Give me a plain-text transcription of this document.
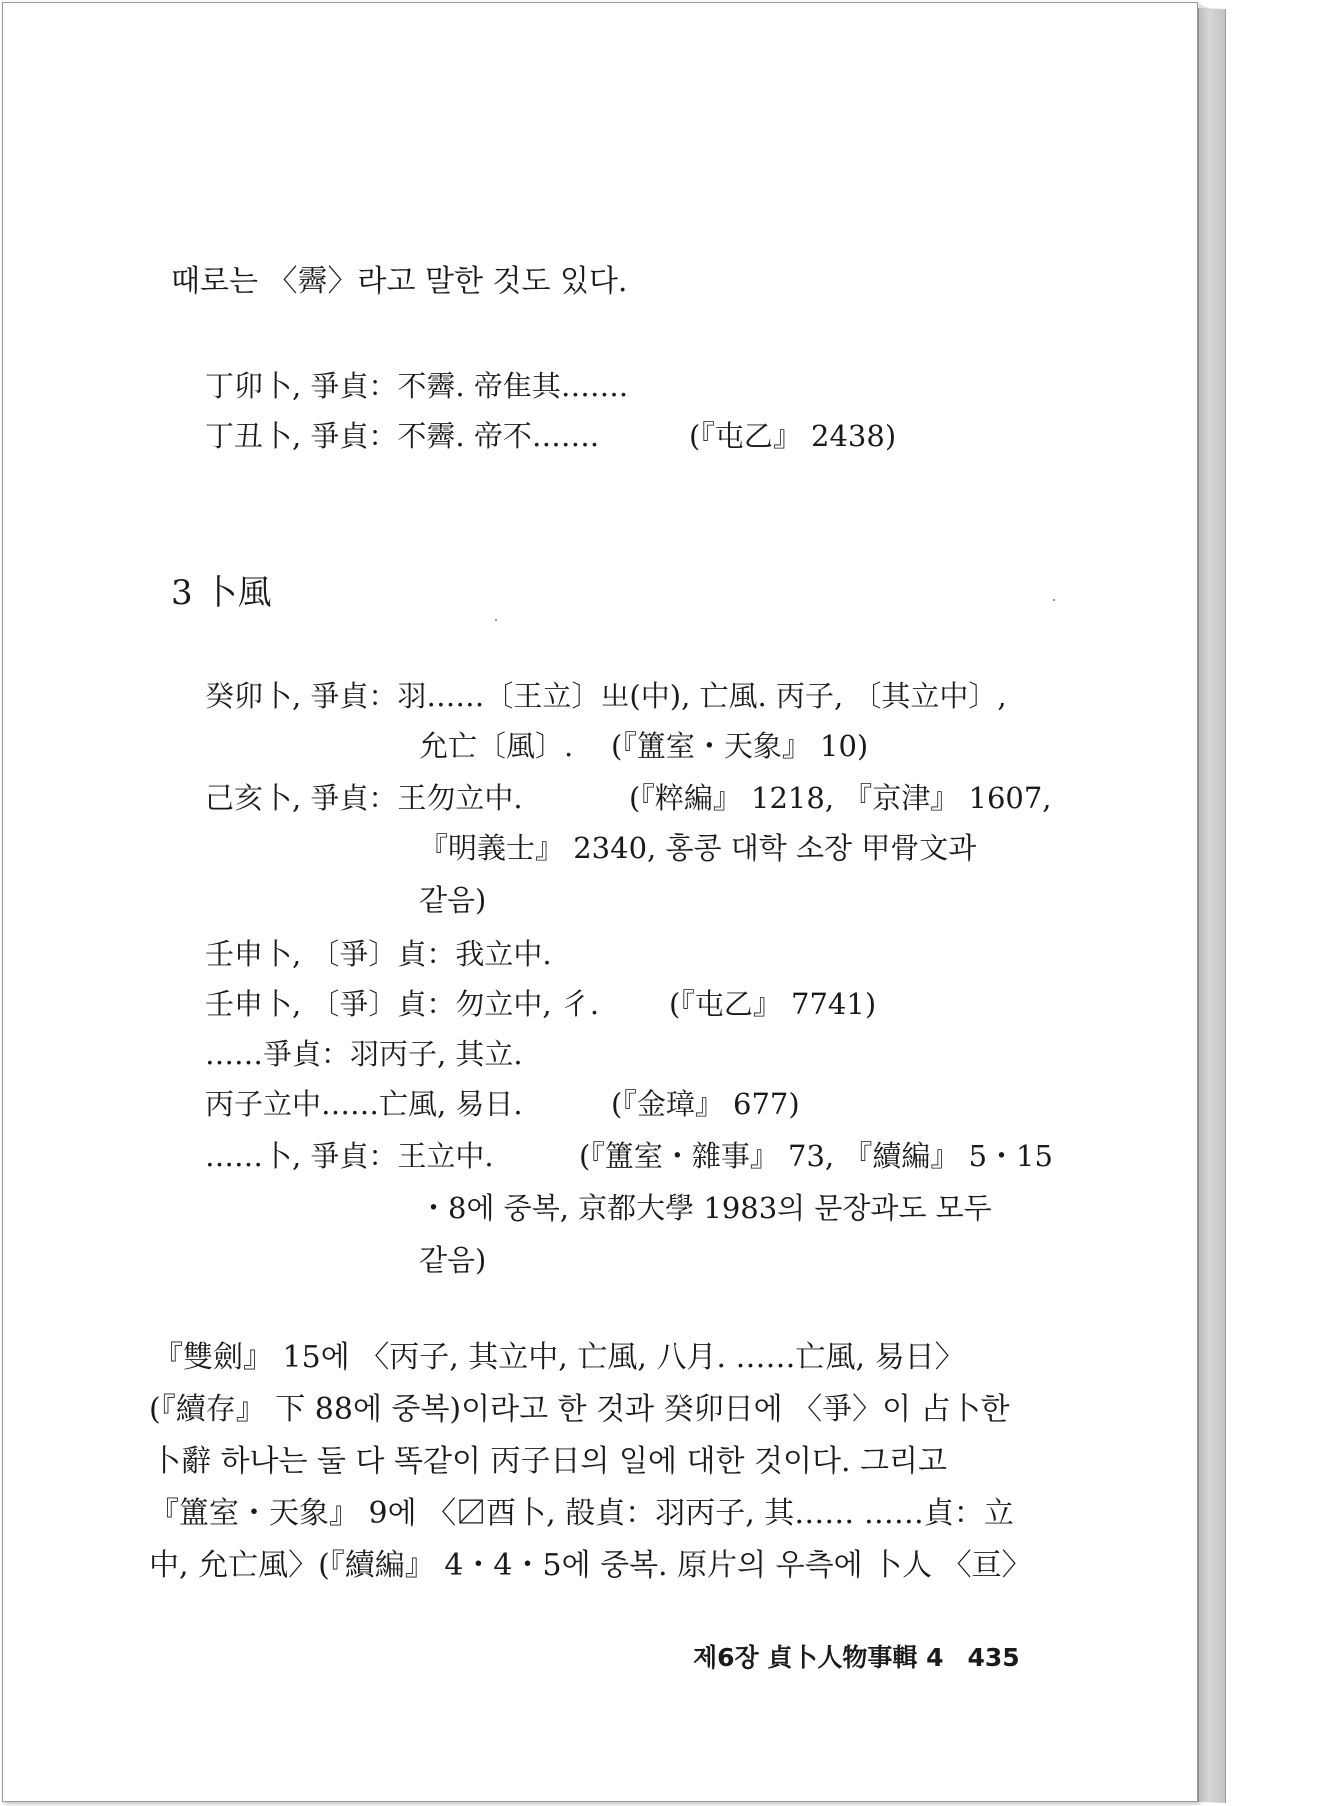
때로는 〈霽〉라고 말한 것도 있다.
丁卯卜, 爭貞：不霽. 帝隹其…….
丁丑卜, 爭貞：不霽. 帝不…….	(『屯乙』 2438)
3 卜風
癸卯卜, 爭貞：羽……〔王立〕㞢(中), 亡風. 丙子, 〔其立中〕,
允亡〔風〕. (『簠室・天象』 10)
己亥卜, 爭貞：王勿立中.	(『粹編』 1218, 『京津』 1607,
『明義士』 2340, 홍콩 대학 소장 甲骨文과
같음)
壬申卜, 〔爭〕貞：我立中.
壬申卜, 〔爭〕貞：勿立中, 彳. (『屯乙』 7741)
……爭貞：羽丙子, 其立.
丙子立中……亡風, 易日.	(『金璋』 677)
……卜, 爭貞：王立中.	(『簠室・雜事』 73, 『續編』 5・15
・8에 중복, 京都大學 1983의 문장과도 모두
같음)
『雙劍』 15에 〈丙子, 其立中, 亡風, 八月. ……亡風, 易日〉
(『續存』 下 88에 중복)이라고 한 것과 癸卯日에 〈爭〉이 占卜한
卜辭 하나는 둘 다 똑같이 丙子日의 일에 대한 것이다. 그리고
『簠室・天象』 9에 〈〼酉卜, 㱿貞：羽丙子, 其…… ……貞：立
中, 允亡風〉(『續編』 4・4・5에 중복. 原片의 우측에 卜人 〈亘〉
제6장 貞卜人物事輯 4 435
